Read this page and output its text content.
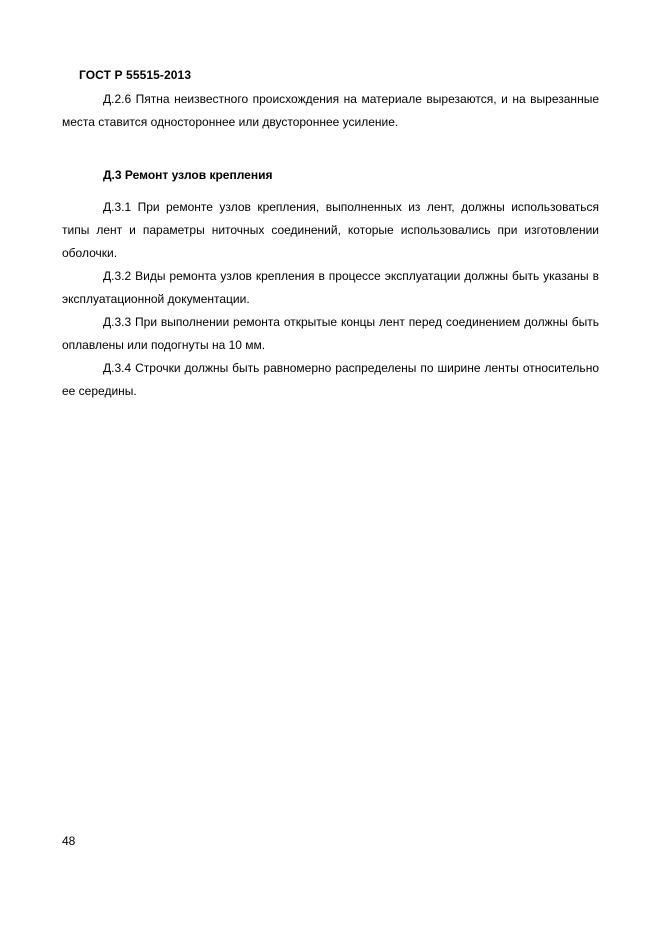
ГОСТ Р 55515-2013

Д.2.6 Пятна неизвестного происхождения на материале вырезаются, и на вырезанные места ставится одностороннее или двустороннее усиление.

Д.3 Ремонт узлов крепления

Д.3.1 При ремонте узлов крепления, выполненных из лент, должны использоваться типы лент и параметры ниточных соединений, которые использовались при изготовлении оболочки.

Д.3.2 Виды ремонта узлов крепления в процессе эксплуатации должны быть указаны в эксплуатационной документации.

Д.3.3 При выполнении ремонта открытые концы лент перед соединением должны быть оплавлены или подогнуты на 10 мм.

Д.3.4 Строчки должны быть равномерно распределены по ширине ленты относительно ее середины.

48
